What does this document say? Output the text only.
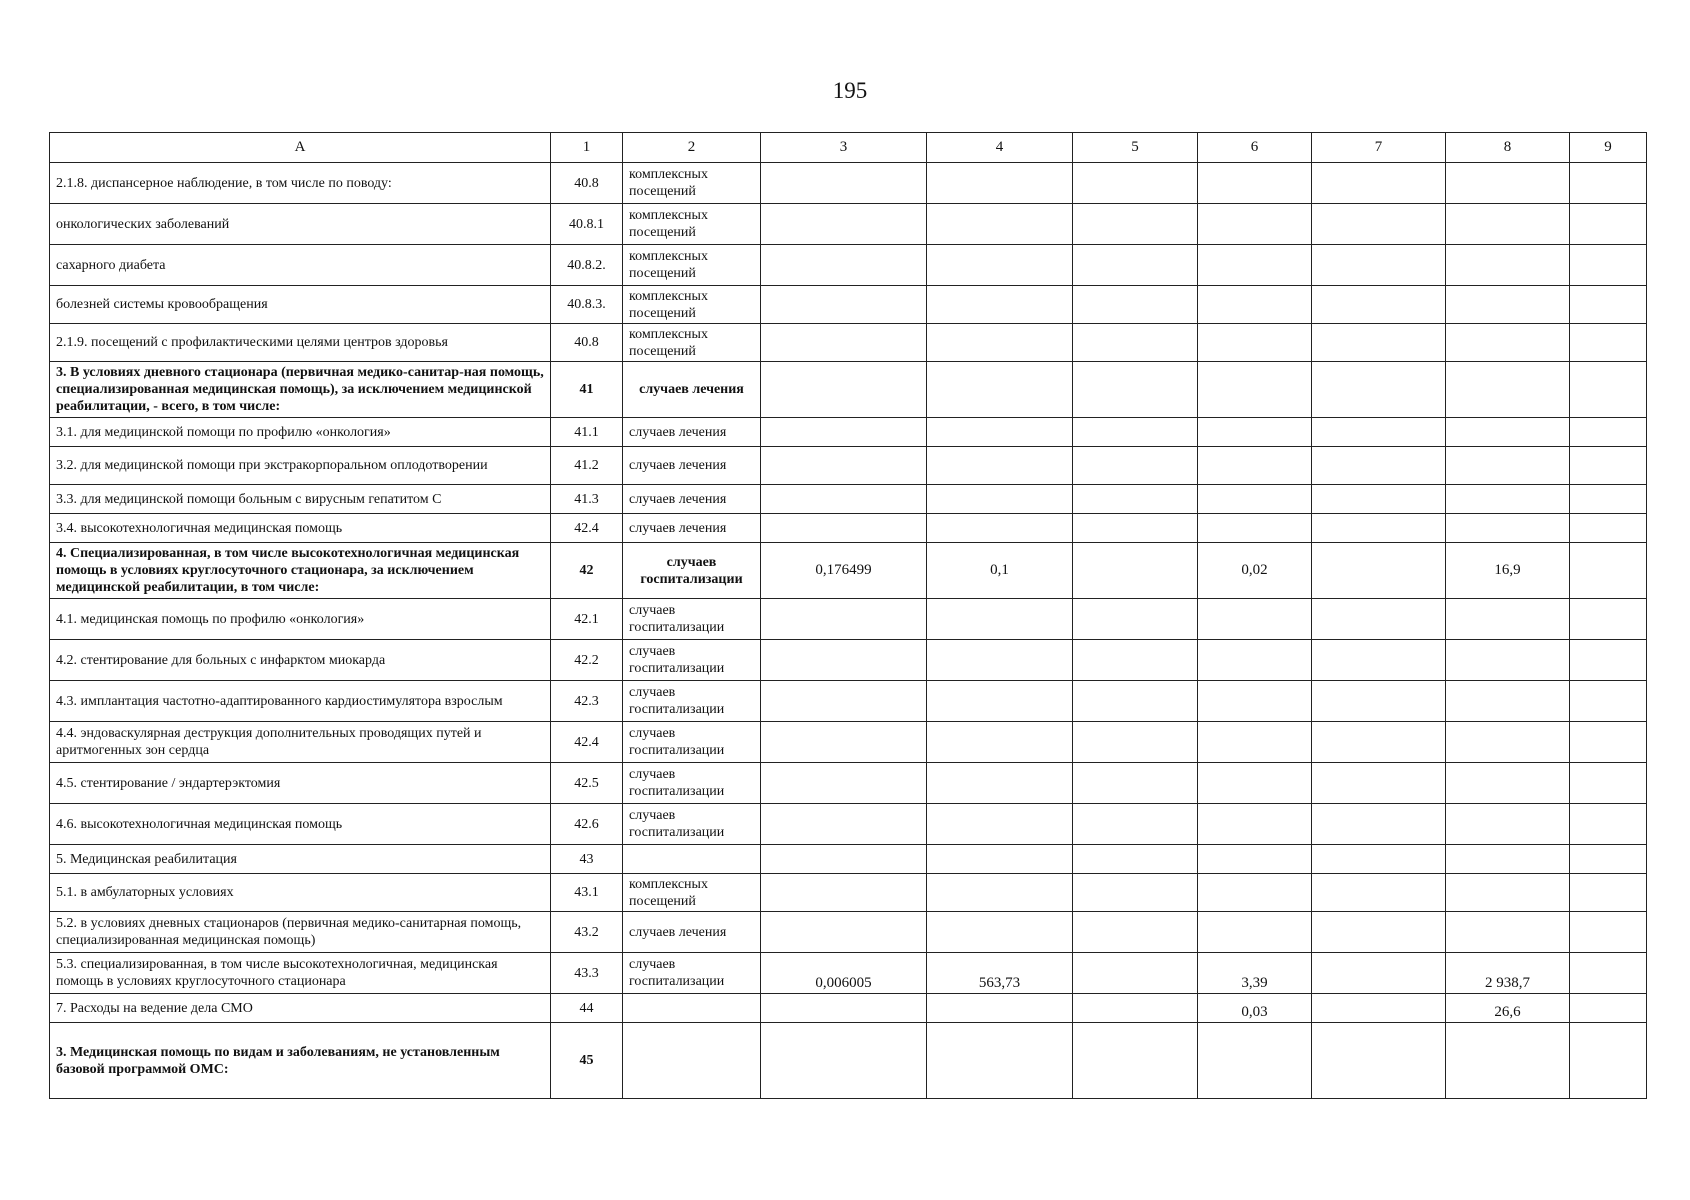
195
А	1	2	3	4	5	6	7	8	9
2.1.8. диспансерное наблюдение, в том числе по поводу:	40.8	комплексных посещений							
онкологических заболеваний	40.8.1	комплексных посещений							
сахарного диабета	40.8.2.	комплексных посещений							
болезней системы кровообращения	40.8.3.	комплексных посещений							
2.1.9. посещений с профилактическими целями центров здоровья	40.8	комплексных посещений							
3. В условиях дневного стационара (первичная медико-санитар-ная помощь, специализированная медицинская помощь), за исключением медицинской реабилитации, - всего, в том числе:	41	случаев лечения							
3.1. для медицинской помощи по профилю «онкология»	41.1	случаев лечения							
3.2. для медицинской помощи при экстракорпоральном оплодотворении	41.2	случаев лечения							
3.3. для медицинской помощи больным с вирусным гепатитом С	41.3	случаев лечения							
3.4. высокотехнологичная медицинская помощь	42.4	случаев лечения							
4. Специализированная, в том числе высокотехнологичная медицинская помощь в условиях круглосуточного стационара, за исключением медицинской реабилитации, в том числе:	42	случаев госпитализации	0,176499	0,1		0,02		16,9	
4.1. медицинская помощь по профилю «онкология»	42.1	случаев госпитализации							
4.2. стентирование для больных с инфарктом миокарда	42.2	случаев госпитализации							
4.3. имплантация частотно-адаптированного кардиостимулятора взрослым	42.3	случаев госпитализации							
4.4. эндоваскулярная деструкция дополнительных проводящих путей и аритмогенных зон сердца	42.4	случаев госпитализации							
4.5. стентирование / эндартерэктомия	42.5	случаев госпитализации							
4.6. высокотехнологичная медицинская помощь	42.6	случаев госпитализации							
5. Медицинская реабилитация	43								
5.1. в амбулаторных условиях	43.1	комплексных посещений							
5.2. в условиях дневных стационаров (первичная медико-санитарная помощь, специализированная медицинская помощь)	43.2	случаев лечения							
5.3. специализированная, в том числе высокотехнологичная, медицинская помощь в условиях круглосуточного стационара	43.3	случаев госпитализации	0,006005	563,73		3,39		2 938,7	
7. Расходы на ведение дела СМО	44					0,03		26,6	
3. Медицинская помощь по видам и заболеваниям, не установленным базовой программой ОМС:	45								
